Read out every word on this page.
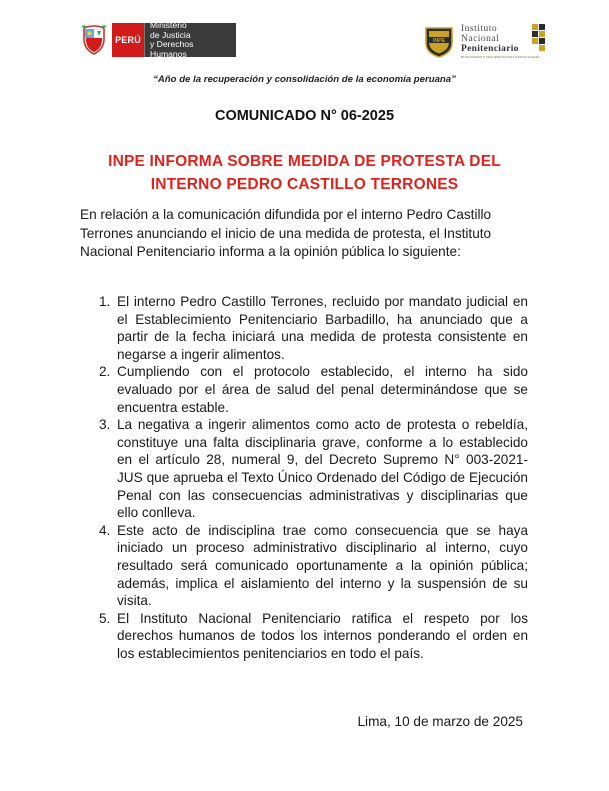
PERÚ
Ministerio
de Justicia
y Derechos Humanos
INPE
Instituto
Nacional
Penitenciario
HUMANIDAD Y SEGURIDAD PARA RESOCIALIZAR
“Año de la recuperación y consolidación de la economía peruana”
COMUNICADO N° 06-2025
INPE INFORMA SOBRE MEDIDA DE PROTESTA DEL
INTERNO PEDRO CASTILLO TERRONES
En relación a la comunicación difundida por el interno Pedro Castillo Terrones anunciando el inicio de una medida de protesta, el Instituto Nacional Penitenciario informa a la opinión pública lo siguiente:
1. El interno Pedro Castillo Terrones, recluido por mandato judicial en el Establecimiento Penitenciario Barbadillo, ha anunciado que a partir de la fecha iniciará una medida de protesta consistente en negarse a ingerir alimentos.
2. Cumpliendo con el protocolo establecido, el interno ha sido evaluado por el área de salud del penal determinándose que se encuentra estable.
3. La negativa a ingerir alimentos como acto de protesta o rebeldía, constituye una falta disciplinaria grave, conforme a lo establecido en el artículo 28, numeral 9, del Decreto Supremo N° 003-2021-JUS que aprueba el Texto Único Ordenado del Código de Ejecución Penal con las consecuencias administrativas y disciplinarias que ello conlleva.
4. Este acto de indisciplina trae como consecuencia que se haya iniciado un proceso administrativo disciplinario al interno, cuyo resultado será comunicado oportunamente a la opinión pública; además, implica el aislamiento del interno y la suspensión de su visita.
5. El Instituto Nacional Penitenciario ratifica el respeto por los derechos humanos de todos los internos ponderando el orden en los establecimientos penitenciarios en todo el país.
Lima, 10 de marzo de 2025
